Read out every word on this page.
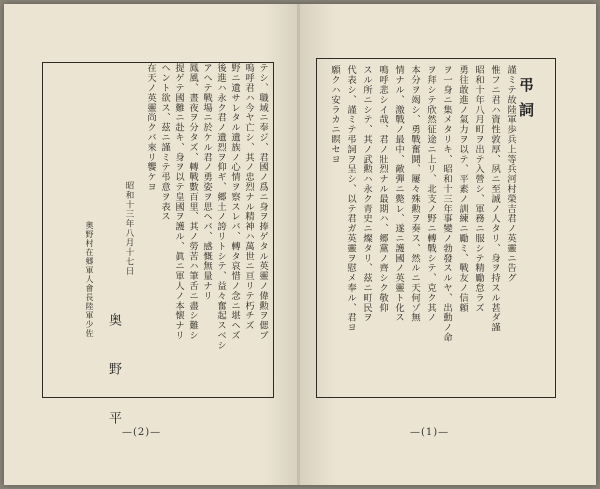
テシ、職域ニ奉ジ、君國ノ爲ニ身ヲ捧ゲタル英靈ノ偉勲ヲ偲ブ
嗚呼君ハ今ヤ亡シ、其ノ忠烈ナル精神ハ萬世ニ亘リテ朽チズ
野ニ遺サレタル遺族ノ心情ヲ察スレバ、轉タ哀惜ノ念ニ堪ヘズ
後進ハ永ク君ノ遺烈ヲ仰ギ、郷土ノ誇リトシテ、益々奮起スベシ
アヘテ戰場ニ於ケル君ノ勇姿ヲ思ヘバ、感慨無量ナリ
鳳風、晝夜ヲ分タズ、轉戰數百里、其ノ勞苦ハ筆舌ニ盡シ難シ
提ゲテ國難ニ赴キ、身ヲ以テ皇國ヲ護ル、眞ニ軍人ノ本懐ナリ
ヘント欲ス、茲ニ謹ミテ弔意ヲ表ス
在天ノ英靈尚クバ來リ饗ケヨ
昭和十三年八月十七日
奥野村在郷軍人會長陸軍少佐
奥 野 平 —(2)—
弔詞
謹ミテ故陸軍歩兵上等兵河村榮吉君ノ英靈ニ告グ
惟フニ君ハ資性敦厚、夙ニ至誠ノ人タリ、身ヲ持スル甚ダ謹
昭和十年八月町ヲ出テ入營シ、軍務ニ服シテ精勵怠ラズ
勇往敢進ノ氣力ヲ以テ、平素ノ訓練ニ勵ミ、戰友ノ信頼
ヲ一身ニ集メタリキ、昭和十三年事變ノ勃發スルヤ、出動ノ命
ヲ拜シテ欣然征途ニ上リ、北支ノ野ニ轉戰シテ、克ク其ノ
本分ヲ竭シ、勇戰奮鬪、屢々殊勲ヲ奏ス、然ルニ天何ゾ無
情ナル、激戰ノ最中、敵彈ニ斃レ、遂ニ護國ノ英靈ト化ス
鳴呼悲シイ哉、君ノ壯烈ナル最期ハ、郷黨ノ齊シク敬仰
スル所ニシテ、其ノ武勲ハ永ク青史ニ燦タリ、茲ニ町民ヲ
代表シ、謹ミテ弔詞ヲ呈シ、以テ君ガ英靈ヲ慰メ奉ル、君ヨ
願クハ安ラカニ瞑セヨ
—(1)—
